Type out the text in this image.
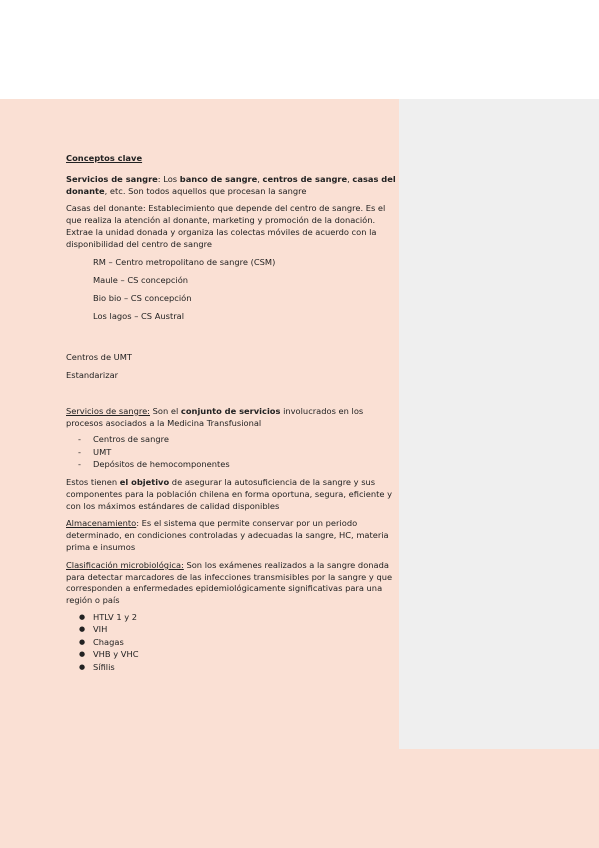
Conceptos clave

Servicios de sangre: Los banco de sangre, centros de sangre, casas del donante, etc. Son todos aquellos que procesan la sangre

Casas del donante: Establecimiento que depende del centro de sangre. Es el que realiza la atención al donante, marketing y promoción de la donación. Extrae la unidad donada y organiza las colectas móviles de acuerdo con la disponibilidad del centro de sangre

RM – Centro metropolitano de sangre (CSM)
Maule – CS concepción
Bio bio – CS concepción
Los lagos – CS Austral

Centros de UMT

Estandarizar

Servicios de sangre: Son el conjunto de servicios involucrados en los procesos asociados a la Medicina Transfusional

- Centros de sangre
- UMT
- Depósitos de hemocomponentes

Estos tienen el objetivo de asegurar la autosuficiencia de la sangre y sus componentes para la población chilena en forma oportuna, segura, eficiente y con los máximos estándares de calidad disponibles

Almacenamiento: Es el sistema que permite conservar por un periodo determinado, en condiciones controladas y adecuadas la sangre, HC, materia prima e insumos

Clasificación microbiológica: Son los exámenes realizados a la sangre donada para detectar marcadores de las infecciones transmisibles por la sangre y que corresponden a enfermedades epidemiológicamente significativas para una región o país

● HTLV 1 y 2
● VIH
● Chagas
● VHB y VHC
● Sífilis
